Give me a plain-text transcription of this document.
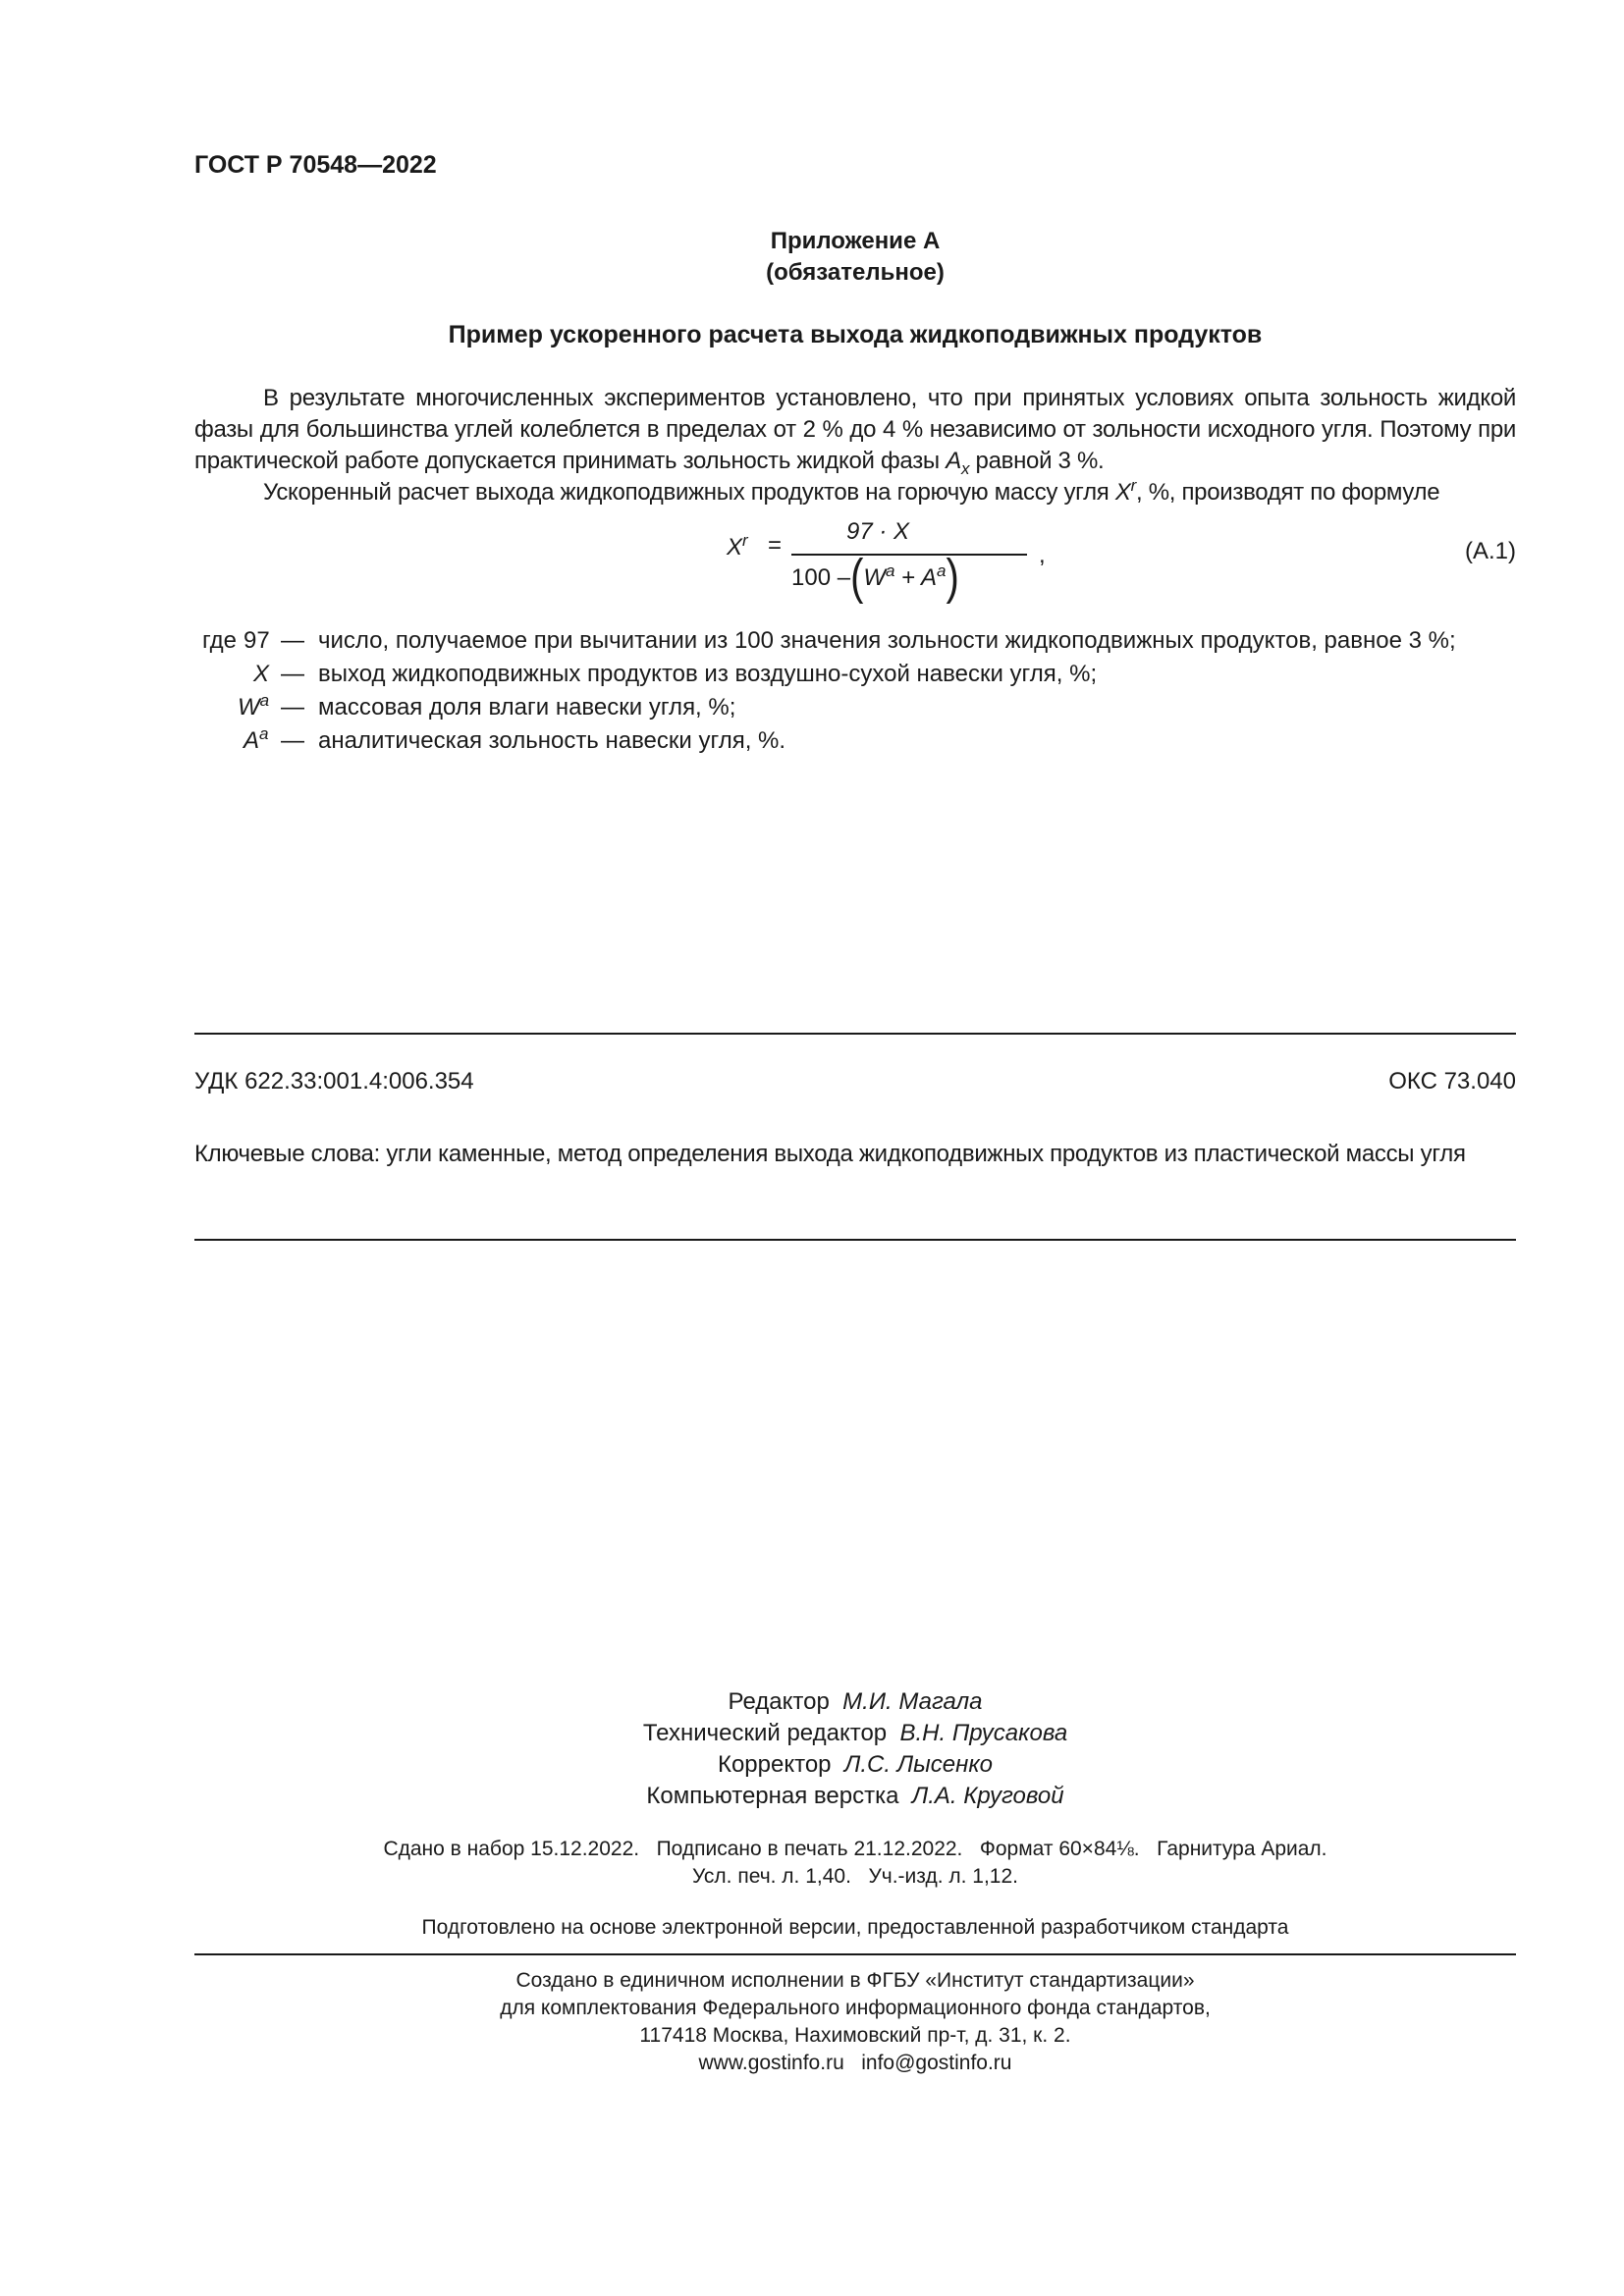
ГОСТ Р 70548—2022
Приложение А
(обязательное)
Пример ускоренного расчета выхода жидкоподвижных продуктов
В результате многочисленных экспериментов установлено, что при принятых условиях опыта зольность жидкой фазы для большинства углей колеблется в пределах от 2 % до 4 % независимо от зольности исходного угля. Поэтому при практической работе допускается принимать зольность жидкой фазы $A_x$ равной 3 %.
Ускоренный расчет выхода жидкоподвижных продуктов на горючую массу угля $X^r$, %, производят по формуле
$X^r$ =
97 · X
100 $-(W^a + A^a)$	,	(А.1)
где 97 — число, получаемое при вычитании из 100 значения зольности жидкоподвижных продуктов, равное 3 %;
X — выход жидкоподвижных продуктов из воздушно-сухой навески угля, %;
$W^a$ — массовая доля влаги навески угля, %;
$A^a$ — аналитическая зольность навески угля, %.
УДК 622.33:001.4:006.354	ОКС 73.040
Ключевые слова: угли каменные, метод определения выхода жидкоподвижных продуктов из пластической массы угля
Редактор М.И. Магала
Технический редактор В.Н. Прусакова
Корректор Л.С. Лысенко
Компьютерная верстка Л.А. Круговой
Сдано в набор 15.12.2022.   Подписано в печать 21.12.2022.   Формат 60×84⅛.   Гарнитура Ариал.
Усл. печ. л. 1,40.   Уч.-изд. л. 1,12.
Подготовлено на основе электронной версии, предоставленной разработчиком стандарта
Создано в единичном исполнении в ФГБУ «Институт стандартизации»
для комплектования Федерального информационного фонда стандартов,
117418 Москва, Нахимовский пр-т, д. 31, к. 2.
www.gostinfo.ru   info@gostinfo.ru
